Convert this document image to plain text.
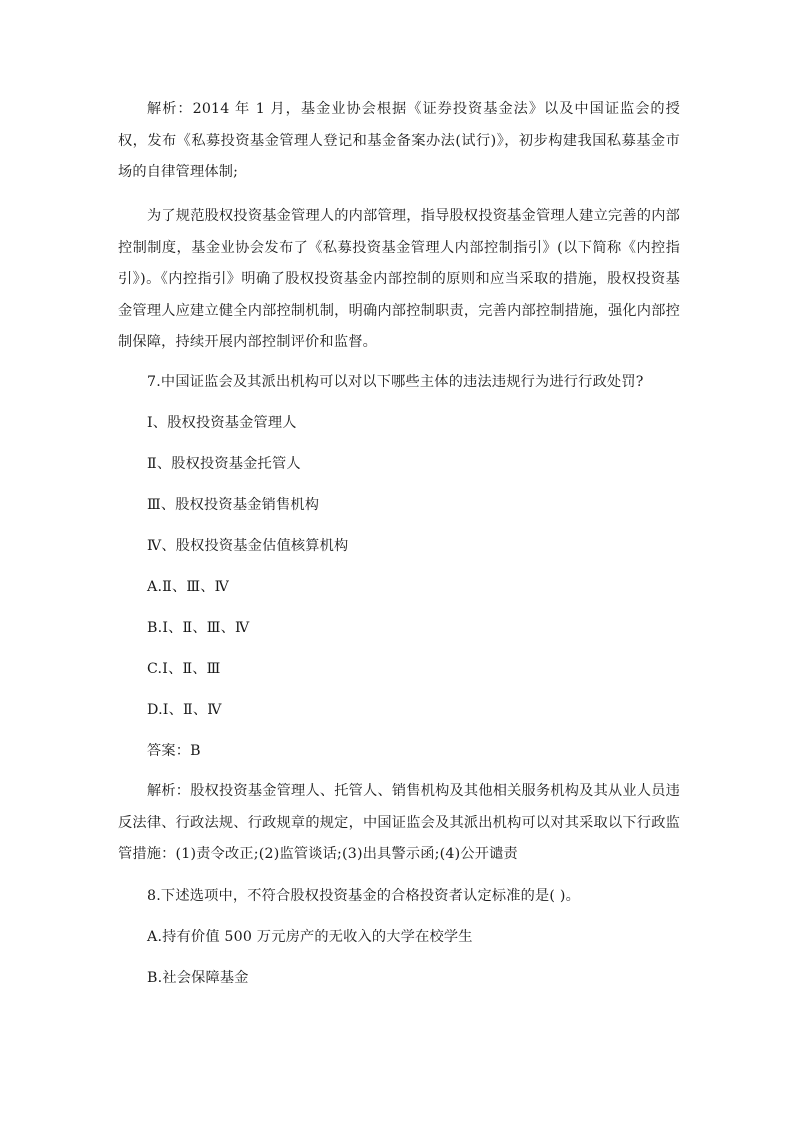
解析：2014 年 1 月，基金业协会根据《证券投资基金法》以及中国证监会的授权，发布《私募投资基金管理人登记和基金备案办法(试行)》，初步构建我国私募基金市场的自律管理体制;

为了规范股权投资基金管理人的内部管理，指导股权投资基金管理人建立完善的内部控制制度，基金业协会发布了《私募投资基金管理人内部控制指引》(以下简称《内控指引》)。《内控指引》明确了股权投资基金内部控制的原则和应当采取的措施，股权投资基金管理人应建立健全内部控制机制，明确内部控制职责，完善内部控制措施，强化内部控制保障，持续开展内部控制评价和监督。

7.中国证监会及其派出机构可以对以下哪些主体的违法违规行为进行行政处罚?
Ⅰ、股权投资基金管理人
Ⅱ、股权投资基金托管人
Ⅲ、股权投资基金销售机构
Ⅳ、股权投资基金估值核算机构
A.Ⅱ、Ⅲ、Ⅳ
B.Ⅰ、Ⅱ、Ⅲ、Ⅳ
C.Ⅰ、Ⅱ、Ⅲ
D.Ⅰ、Ⅱ、Ⅳ
答案：B

解析：股权投资基金管理人、托管人、销售机构及其他相关服务机构及其从业人员违反法律、行政法规、行政规章的规定，中国证监会及其派出机构可以对其采取以下行政监管措施：(1)责令改正;(2)监管谈话;(3)出具警示函;(4)公开谴责

8.下述选项中，不符合股权投资基金的合格投资者认定标准的是( )。
A.持有价值 500 万元房产的无收入的大学在校学生
B.社会保障基金
